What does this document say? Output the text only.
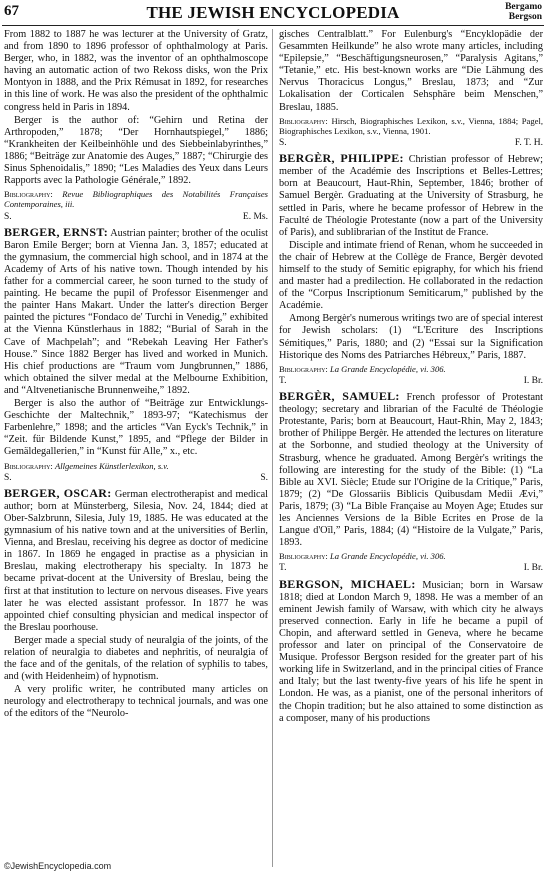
67	THE JEWISH ENCYCLOPEDIA	Bergamo
Bergson

From 1882 to 1887 he was lecturer at the University of Gratz, and from 1890 to 1896 professor of ophthalmology at Paris. Berger, who, in 1882, was the inventor of an ophthalmoscope having an automatic action of two Rekoss disks, won the Prix Montyon in 1888, and the Prix Rémusat in 1892, for researches in this line of work. He was also the president of the ophthalmic congress held in Paris in 1894.

Berger is the author of: “Gehirn und Retina der Arthropoden,” 1878; “Der Hornhautspiegel,” 1886; “Krankheiten der Keilbeinhöhle und des Siebbeinlabyrinthes,” 1886; “Beiträge zur Anatomie des Auges,” 1887; “Chirurgie des Sinus Sphenoidalis,” 1890; “Les Maladies des Yeux dans Leurs Rapports avec la Pathologie Générale,” 1892.

Bibliography: Revue Bibliographiques des Notabilités Françaises Contemporaines, iii.

S.	E. Ms.

BERGER, ERNST: Austrian painter; brother of the oculist Baron Emile Berger; born at Vienna Jan. 3, 1857; educated at the gymnasium, the commercial high school, and in 1874 at the Academy of Arts of his native town. Though intended by his father for a commercial career, he soon turned to the study of painting. He became the pupil of Professor Eisenmenger and the painter Hans Makart. Under the latter's direction Berger painted the pictures “Fondaco de' Turchi in Venedig,” exhibited at the Vienna Künstlerhaus in 1882; “Burial of Sarah in the Cave of Machpelah”; and “Rebekah Leaving Her Father's House.” Since 1882 Berger has lived and worked in Munich. His chief productions are “Traum vom Jungbrunnen,” 1886, which obtained the silver medal at the Melbourne Exhibition, and “Altvenetianische Brunnenweihe,” 1892.

Berger is also the author of “Beiträge zur Entwicklungs-Geschichte der Maltechnik,” 1893-97; “Katechismus der Farbenlehre,” 1898; and the articles “Van Eyck's Technik,” in “Zeit. für Bildende Kunst,” 1895, and “Pflege der Bilder in Gemäldegallerien,” in “Kunst für Alle,” x., etc.

Bibliography: Allgemeines Künstlerlexikon, s.v.

S.	S.

BERGER, OSCAR: German electrotherapist and medical author; born at Münsterberg, Silesia, Nov. 24, 1844; died at Ober-Salzbrunn, Silesia, July 19, 1885. He was educated at the gymnasium of his native town and at the universities of Berlin, Vienna, and Breslau, receiving his degree as doctor of medicine in 1867. In 1869 he engaged in practise as a physician in Breslau, making electrotherapy his specialty. In 1873 he became privat-docent at the University of Breslau, being the first at that institution to lecture on nervous diseases. Five years later he was elected assistant professor. In 1877 he was appointed chief consulting physician and medical inspector of the Breslau poorhouse.

Berger made a special study of neuralgia of the joints, of the relation of neuralgia to diabetes and nephritis, of neuralgia of the face and of the genitals, of the relation of syphilis to tabes, and (with Heidenheim) of hypnotism.

A very prolific writer, he contributed many articles on neurology and electrotherapy to technical journals, and was one of the editors of the “Neurolo-

gisches Centralblatt.” For Eulenburg's “Encyklopädie der Gesammten Heilkunde” he also wrote many articles, including “Epilepsie,” “Beschäftigungsneurosen,” “Paralysis Agitans,” “Tetanie,” etc. His best-known works are “Die Lähmung des Nervus Thoracicus Longus,” Breslau, 1873; and “Zur Lokalisation der Corticalen Sehsphäre beim Menschen,” Breslau, 1885.

Bibliography: Hirsch, Biographisches Lexikon, s.v., Vienna, 1884; Pagel, Biographisches Lexikon, s.v., Vienna, 1901.

S.	F. T. H.

BERGÈR, PHILIPPE: Christian professor of Hebrew; member of the Académie des Inscriptions et Belles-Lettres; born at Beaucourt, Haut-Rhin, September, 1846; brother of Samuel Bergèr. Graduating at the University of Strasburg, he settled in Paris, where he became professor of Hebrew in the Faculté de Théologie Protestante (now a part of the University of Paris), and sublibrarian of the Institut de France.

Disciple and intimate friend of Renan, whom he succeeded in the chair of Hebrew at the Collège de France, Bergèr devoted himself to the study of Semitic epigraphy, for which his friend and master had a predilection. He collaborated in the redaction of the “Corpus Inscriptionum Semiticarum,” published by the Académie.

Among Bergèr's numerous writings two are of special interest for Jewish scholars: (1) “L'Ecriture des Inscriptions Sémitiques,” Paris, 1880; and (2) “Essai sur la Signification Historique des Noms des Patriarches Hébreux,” Paris, 1887.

Bibliography: La Grande Encyclopédie, vi. 306.

T.	I. Br.

BERGÈR, SAMUEL: French professor of Protestant theology; secretary and librarian of the Faculté de Théologie Protestante, Paris; born at Beaucourt, Haut-Rhin, May 2, 1843; brother of Philippe Bergèr. He attended the lectures on literature at the Sorbonne, and studied theology at the University of Strasburg, whence he graduated. Among Bergèr's writings the following are interesting for the study of the Bible: (1) “La Bible au XVI. Siècle; Etude sur l'Origine de la Critique,” Paris, 1879; (2) “De Glossariis Biblicis Quibusdam Medii Ævi,” Paris, 1879; (3) “La Bible Française au Moyen Age; Etudes sur les Anciennes Versions de la Bible Ecrites en Prose de la Langue d'Oïl,” Paris, 1884; (4) “Histoire de la Vulgate,” Paris, 1893.

Bibliography: La Grande Encyclopédie, vi. 306.

T.	I. Br.

BERGSON, MICHAEL: Musician; born in Warsaw 1818; died at London March 9, 1898. He was a member of an eminent Jewish family of Warsaw, with which city he always preserved connection. Early in life he became a pupil of Chopin, and afterward settled in Geneva, where he became professor and later on principal of the Conservatoire de Musique. Professor Bergson resided for the greater part of his working life in Switzerland, and in the principal cities of France and Italy; but the last twenty-five years of his life he spent in London. He was, as a pianist, one of the personal inheritors of the Chopin tradition; but he also attained to some distinction as a composer, many of his productions

©JewishEncyclopedia.com
